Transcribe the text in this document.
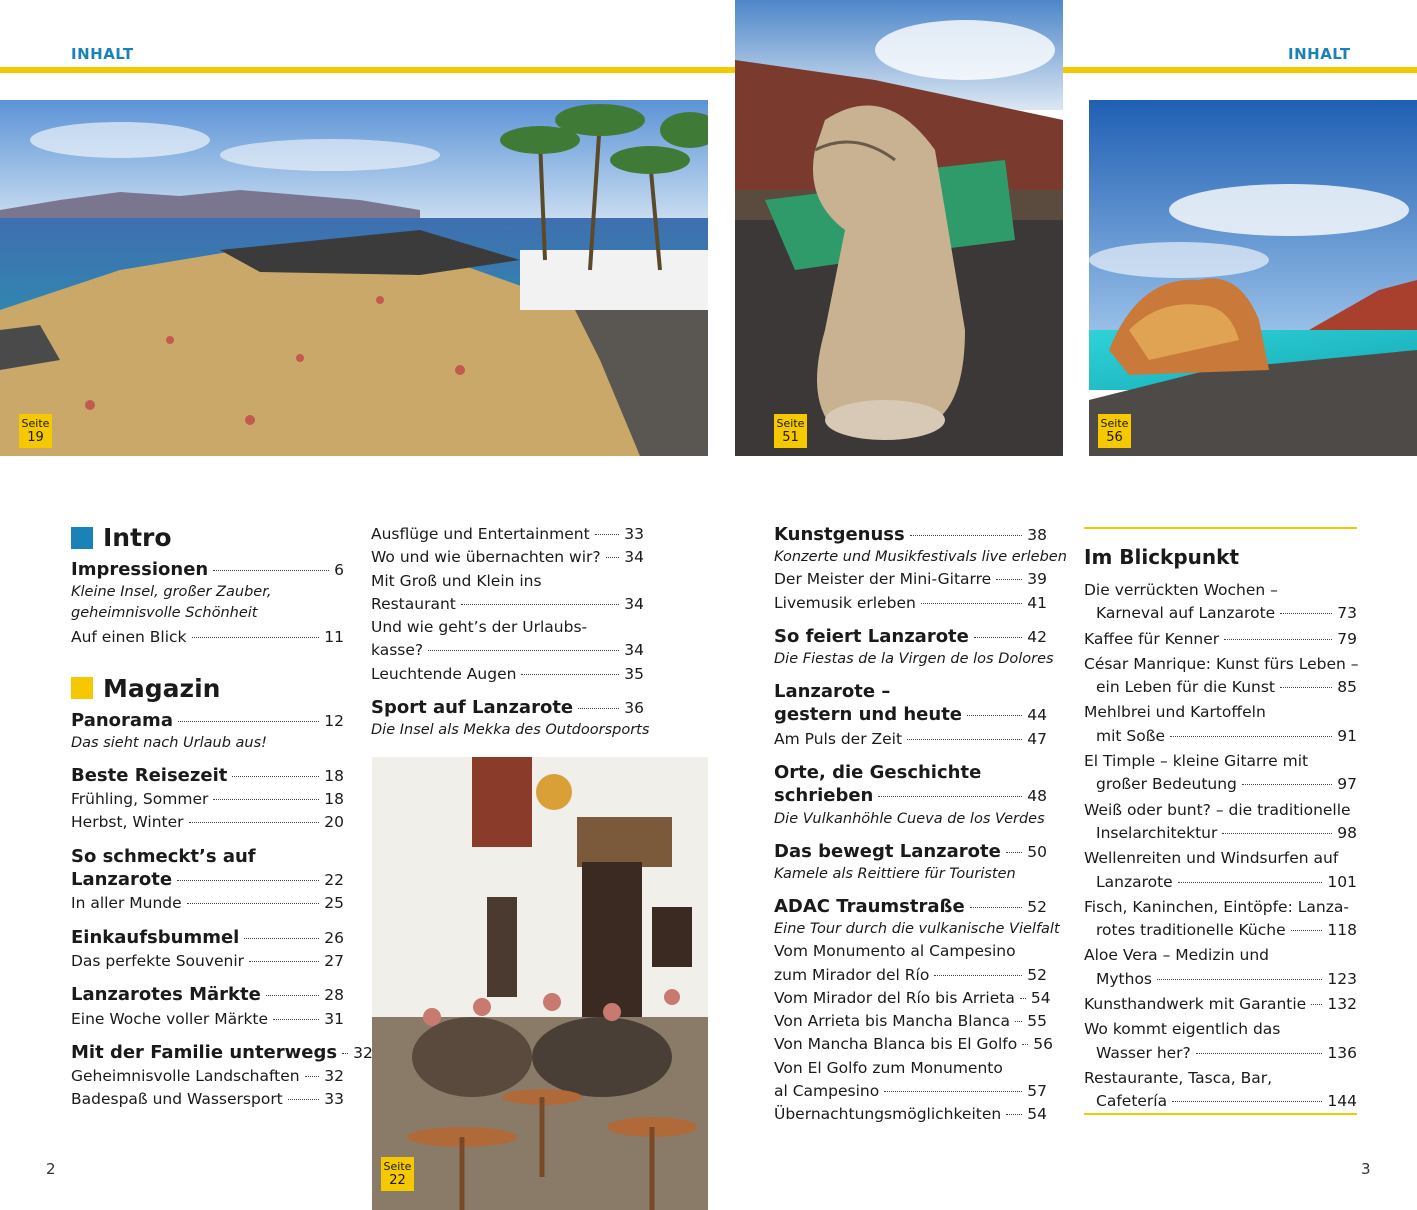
INHALT	INHALT
Seite
19
Seite
51
Seite
56
Seite
22
Intro
Impressionen	6
Kleine Insel, großer Zauber,
geheimnisvolle Schönheit
Auf einen Blick	11
Magazin
Panorama	12
Das sieht nach Urlaub aus!
Beste Reisezeit	18
Frühling, Sommer	18
Herbst, Winter	20
So schmeckt’s auf
Lanzarote	22
In aller Munde	25
Einkaufsbummel	26
Das perfekte Souvenir	27
Lanzarotes Märkte	28
Eine Woche voller Märkte	31
Mit der Familie unterwegs 32
Geheimnisvolle Landschaften 32
Badespaß und Wassersport	33
Ausflüge und Entertainment 33
Wo und wie übernachten wir? 34
Mit Groß und Klein ins
Restaurant	34
Und wie geht’s der Urlaubs-
kasse?	34
Leuchtende Augen	35
Sport auf Lanzarote	36
Die Insel als Mekka des Outdoorsports
Kunstgenuss	38
Konzerte und Musikfestivals live erleben
Der Meister der Mini-Gitarre 39
Livemusik erleben	41
So feiert Lanzarote	42
Die Fiestas de la Virgen de los Dolores
Lanzarote –
gestern und heute	44
Am Puls der Zeit	47
Orte, die Geschichte
schrieben	48
Die Vulkanhöhle Cueva de los Verdes
Das bewegt Lanzarote 50
Kamele als Reittiere für Touristen
ADAC Traumstraße	52
Eine Tour durch die vulkanische Vielfalt
Vom Monumento al Campesino
zum Mirador del Río	52
Vom Mirador del Río bis Arrieta 54
Von Arrieta bis Mancha Blanca 55
Von Mancha Blanca bis El Golfo 56
Von El Golfo zum Monumento
al Campesino	57
Übernachtungsmöglichkeiten 54
Im Blickpunkt
Die verrückten Wochen –
Karneval auf Lanzarote	73
Kaffee für Kenner	79
César Manrique: Kunst fürs Leben –
ein Leben für die Kunst	85
Mehlbrei und Kartoffeln
mit Soße	91
El Timple – kleine Gitarre mit
großer Bedeutung	97
Weiß oder bunt? – die traditionelle
Inselarchitektur	98
Wellenreiten und Windsurfen auf
Lanzarote	101
Fisch, Kaninchen, Eintöpfe: Lanza-
rotes traditionelle Küche	118
Aloe Vera – Medizin und
Mythos	123
Kunsthandwerk mit Garantie 132
Wo kommt eigentlich das
Wasser her?	136
Restaurante, Tasca, Bar,
Cafetería	144
2	3
